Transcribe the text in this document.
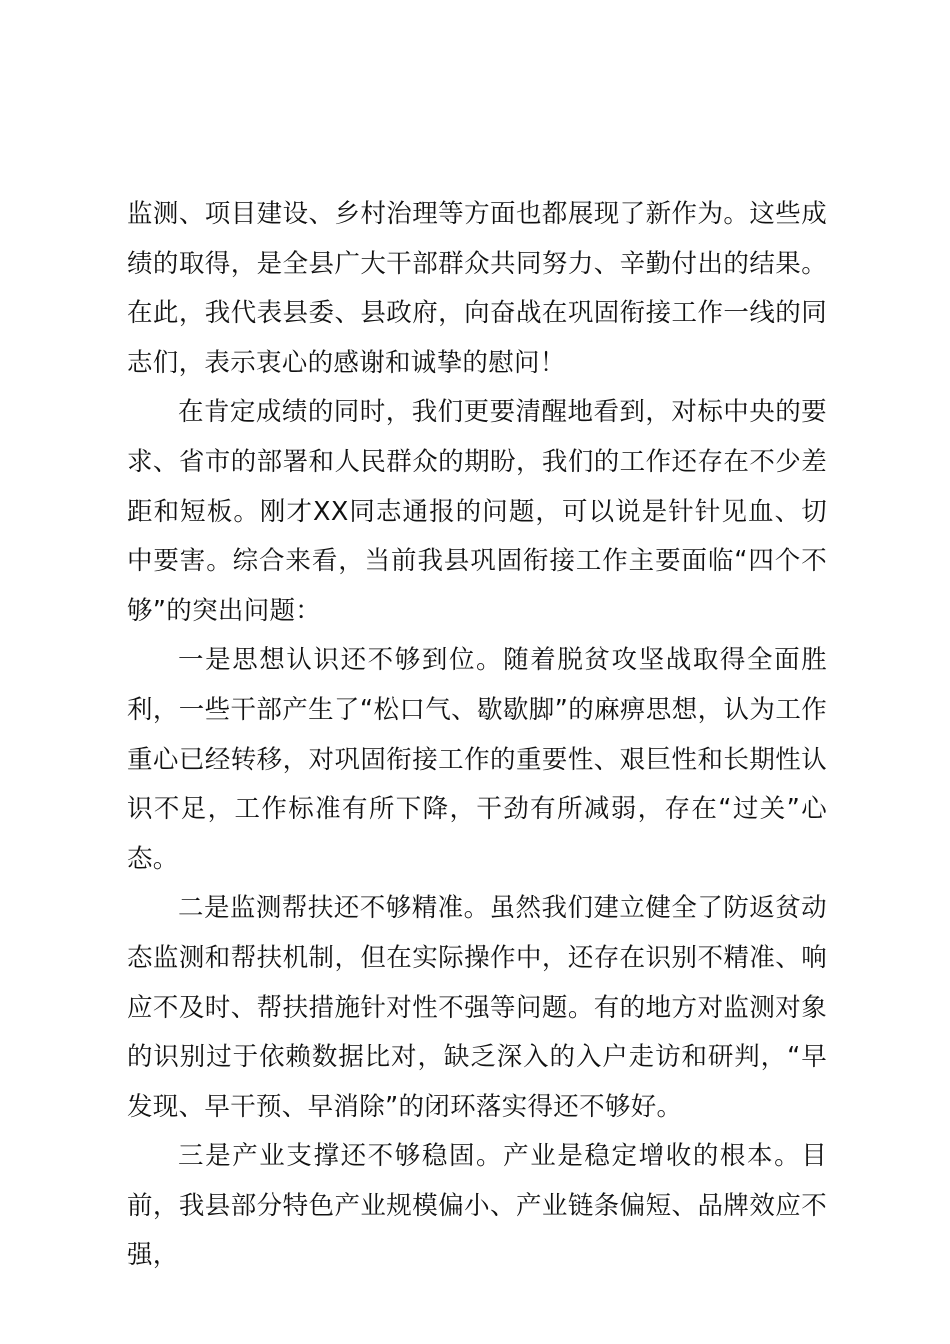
监测、项目建设、乡村治理等方面也都展现了新作为。这些成绩的取得，是全县广大干部群众共同努力、辛勤付出的结果。在此，我代表县委、县政府，向奋战在巩固衔接工作一线的同志们，表示衷心的感谢和诚挚的慰问！

在肯定成绩的同时，我们更要清醒地看到，对标中央的要求、省市的部署和人民群众的期盼，我们的工作还存在不少差距和短板。刚才XX同志通报的问题，可以说是针针见血、切中要害。综合来看，当前我县巩固衔接工作主要面临“四个不够”的突出问题：

一是思想认识还不够到位。随着脱贫攻坚战取得全面胜利，一些干部产生了“松口气、歇歇脚”的麻痹思想，认为工作重心已经转移，对巩固衔接工作的重要性、艰巨性和长期性认识不足，工作标准有所下降，干劲有所减弱，存在“过关”心态。

二是监测帮扶还不够精准。虽然我们建立健全了防返贫动态监测和帮扶机制，但在实际操作中，还存在识别不精准、响应不及时、帮扶措施针对性不强等问题。有的地方对监测对象的识别过于依赖数据比对，缺乏深入的入户走访和研判，“早发现、早干预、早消除”的闭环落实得还不够好。

三是产业支撑还不够稳固。产业是稳定增收的根本。目前，我县部分特色产业规模偏小、产业链条偏短、品牌效应不强，
